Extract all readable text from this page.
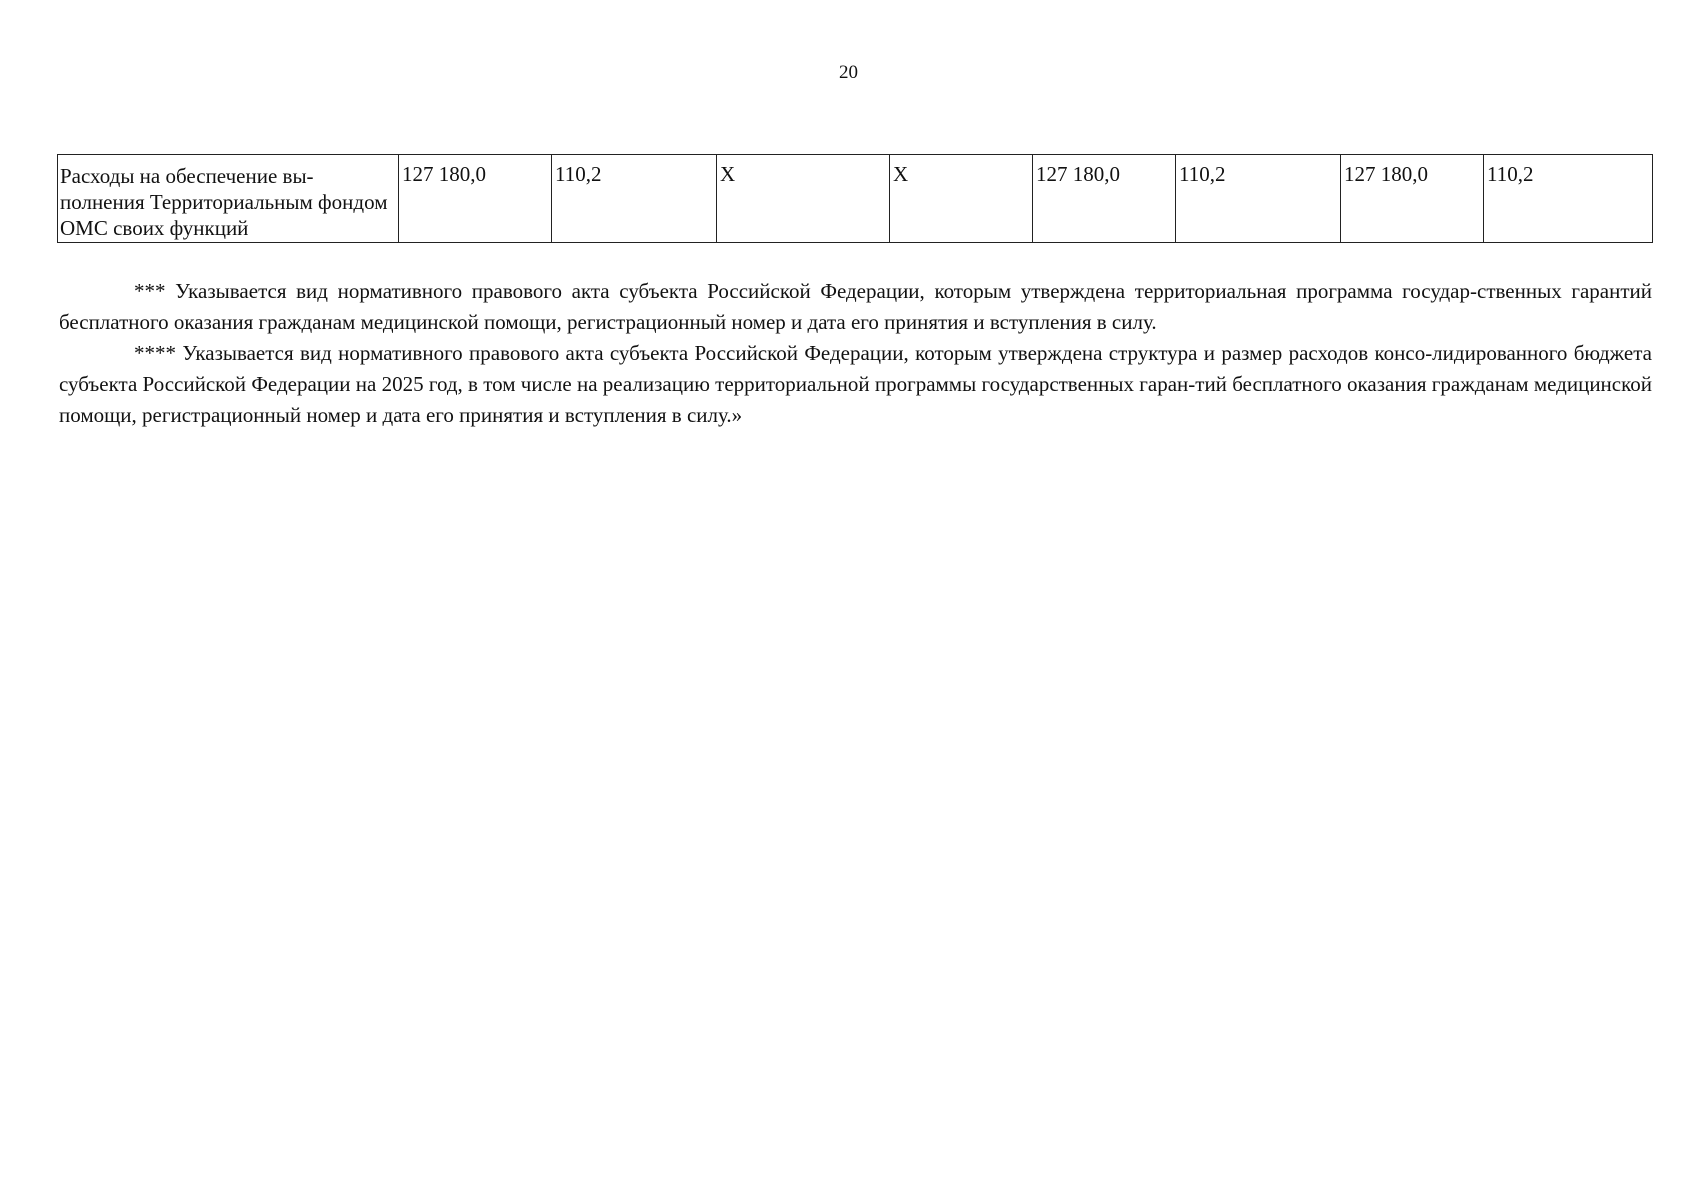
20
Расходы на обеспечение вы-полнения Территориальным фондом ОМС своих функций	127 180,0	110,2	X	X	127 180,0	110,2	127 180,0	110,2

*** Указывается вид нормативного правового акта субъекта Российской Федерации, которым утверждена территориальная программа государ-ственных гарантий бесплатного оказания гражданам медицинской помощи, регистрационный номер и дата его принятия и вступления в силу.

**** Указывается вид нормативного правового акта субъекта Российской Федерации, которым утверждена структура и размер расходов консо-лидированного бюджета субъекта Российской Федерации на 2025 год, в том числе на реализацию территориальной программы государственных гаран-тий бесплатного оказания гражданам медицинской помощи, регистрационный номер и дата его принятия и вступления в силу.»
